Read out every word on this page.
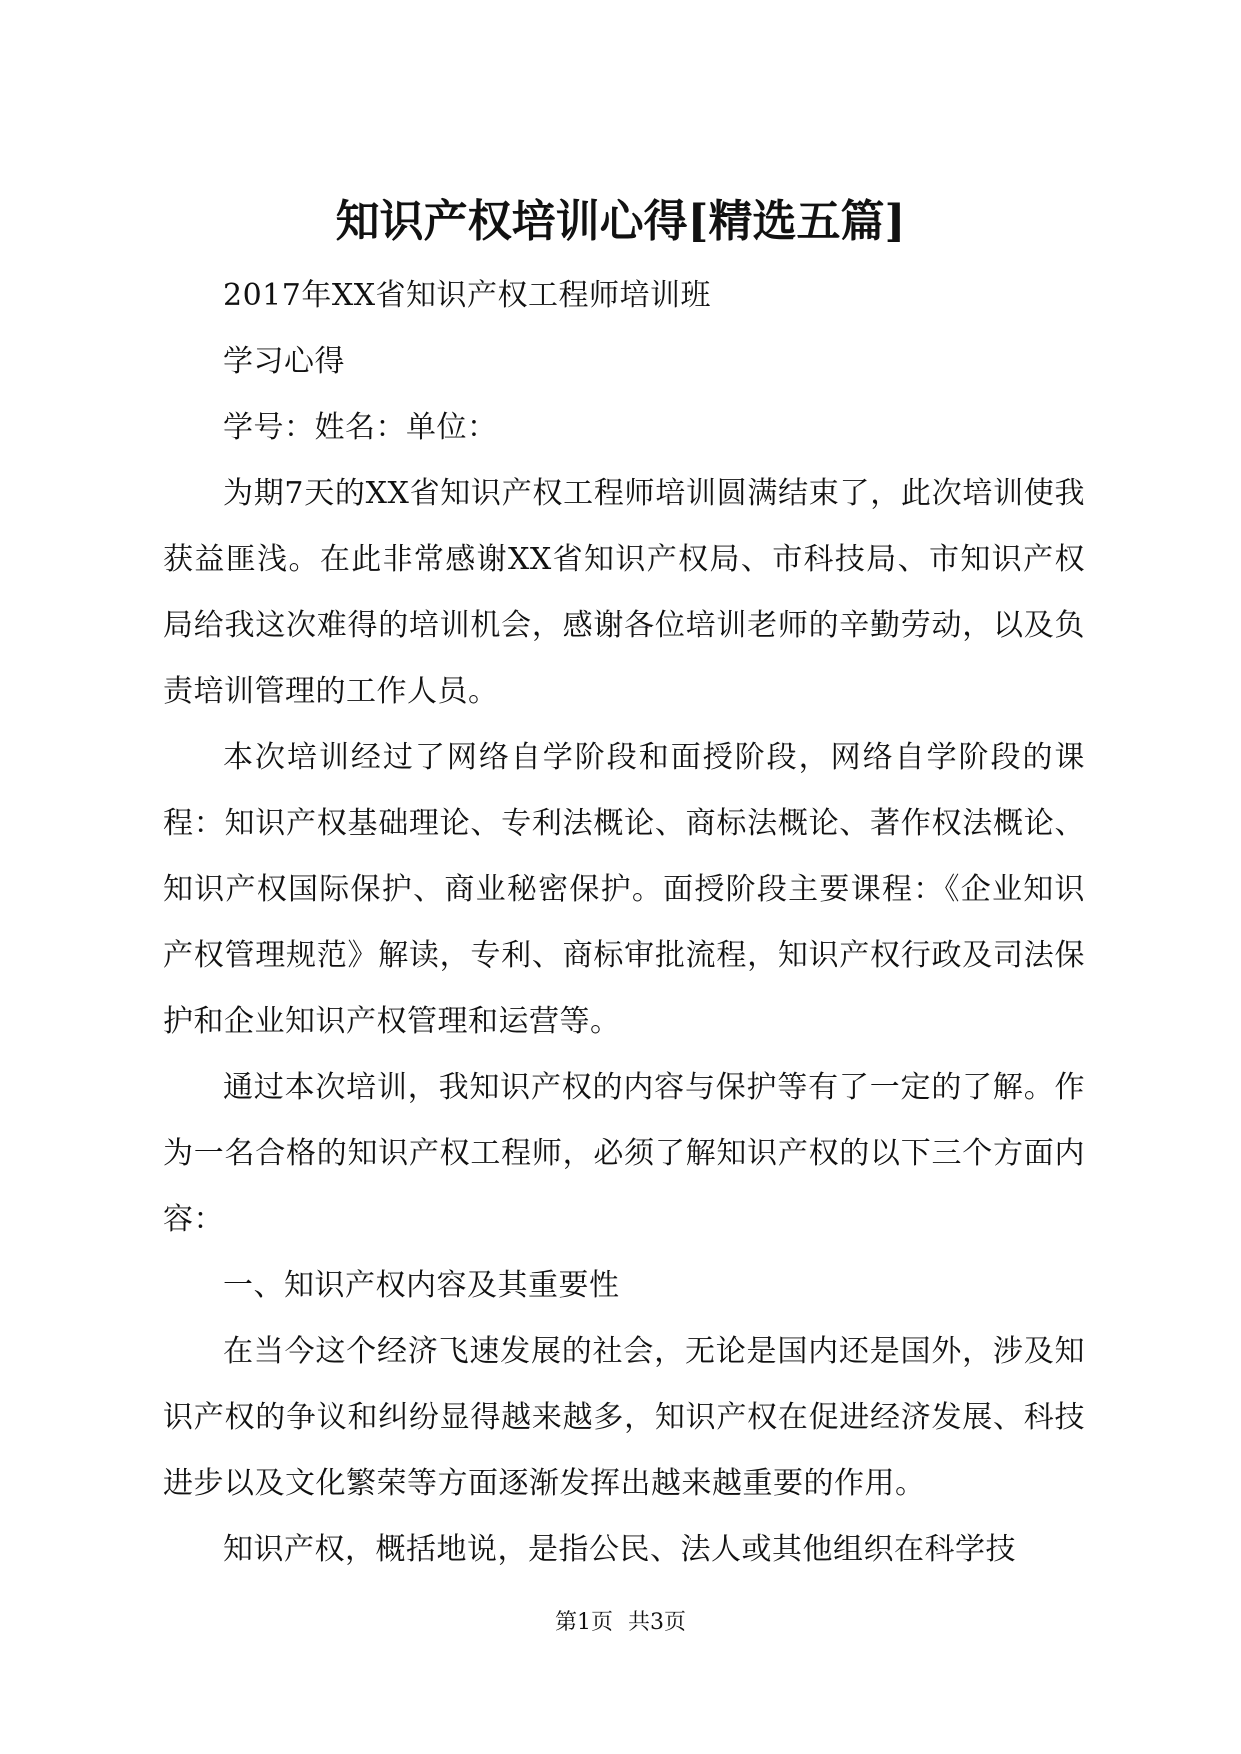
知识产权培训心得[精选五篇]

2017年XX省知识产权工程师培训班

学习心得

学号：姓名：单位：

为期7天的XX省知识产权工程师培训圆满结束了，此次培训使我获益匪浅。在此非常感谢XX省知识产权局、市科技局、市知识产权局给我这次难得的培训机会，感谢各位培训老师的辛勤劳动，以及负责培训管理的工作人员。

本次培训经过了网络自学阶段和面授阶段，网络自学阶段的课程：知识产权基础理论、专利法概论、商标法概论、著作权法概论、知识产权国际保护、商业秘密保护。面授阶段主要课程：《企业知识产权管理规范》解读，专利、商标审批流程，知识产权行政及司法保护和企业知识产权管理和运营等。

通过本次培训，我知识产权的内容与保护等有了一定的了解。作为一名合格的知识产权工程师，必须了解知识产权的以下三个方面内容：

一、知识产权内容及其重要性

在当今这个经济飞速发展的社会，无论是国内还是国外，涉及知识产权的争议和纠纷显得越来越多，知识产权在促进经济发展、科技进步以及文化繁荣等方面逐渐发挥出越来越重要的作用。

知识产权，概括地说，是指公民、法人或其他组织在科学技

第1页 共3页
